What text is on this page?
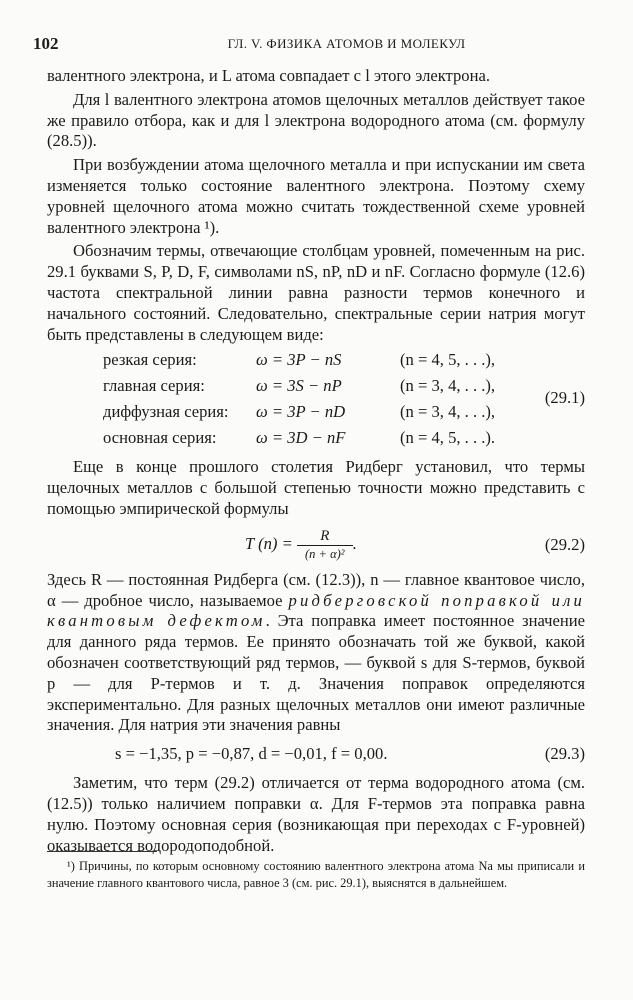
102	ГЛ. V. ФИЗИКА АТОМОВ И МОЛЕКУЛ

валентного электрона, и L атома совпадает с l этого электрона.

Для l валентного электрона атомов щелочных металлов действует такое же правило отбора, как и для l электрона водородного атома (см. формулу (28.5)).

При возбуждении атома щелочного металла и при испускании им света изменяется только состояние валентного электрона. Поэтому схему уровней щелочного атома можно считать тождественной схеме уровней валентного электрона ¹).

Обозначим термы, отвечающие столбцам уровней, помеченным на рис. 29.1 буквами S, P, D, F, символами nS, nP, nD и nF. Согласно формуле (12.6) частота спектральной линии равна разности термов конечного и начального состояний. Следовательно, спектральные серии натрия могут быть представлены в следующем виде:

резкая серия:	ω = 3P − nS	(n = 4, 5, . . .),
главная серия:	ω = 3S − nP	(n = 3, 4, . . .),
диффузная серия: ω = 3P − nD	(n = 3, 4, . . .),
основная серия: ω = 3D − nF	(n = 4, 5, . . .).
(29.1)

Еще в конце прошлого столетия Ридберг установил, что термы щелочных металлов с большой степенью точности можно представить с помощью эмпирической формулы

T $(n) = \frac{R}{\text{(n + α)²}}$ .	(29.2)

Здесь R — постоянная Ридберга (см. (12.3)), n — главное квантовое число, α — дробное число, называемое ридберговской поправкой или квантовым дефектом. Эта поправка имеет постоянное значение для данного ряда термов. Ее принято обозначать той же буквой, какой обозначен соответствующий ряд термов, — буквой s для S-термов, буквой p — для P-термов и т. д. Значения поправок определяются экспериментально. Для разных щелочных металлов они имеют различные значения. Для натрия эти значения равны

s = −1,35, p = −0,87, d = −0,01, f = 0,00.	(29.3)

Заметим, что терм (29.2) отличается от терма водородного атома (см. (12.5)) только наличием поправки α. Для F-термов эта поправка равна нулю. Поэтому основная серия (возникающая при переходах с F-уровней) оказывается водородоподобной.

¹) Причины, по которым основному состоянию валентного электрона атома Na мы приписали и значение главного квантового числа, равное 3 (см. рис. 29.1), выяснятся в дальнейшем.
